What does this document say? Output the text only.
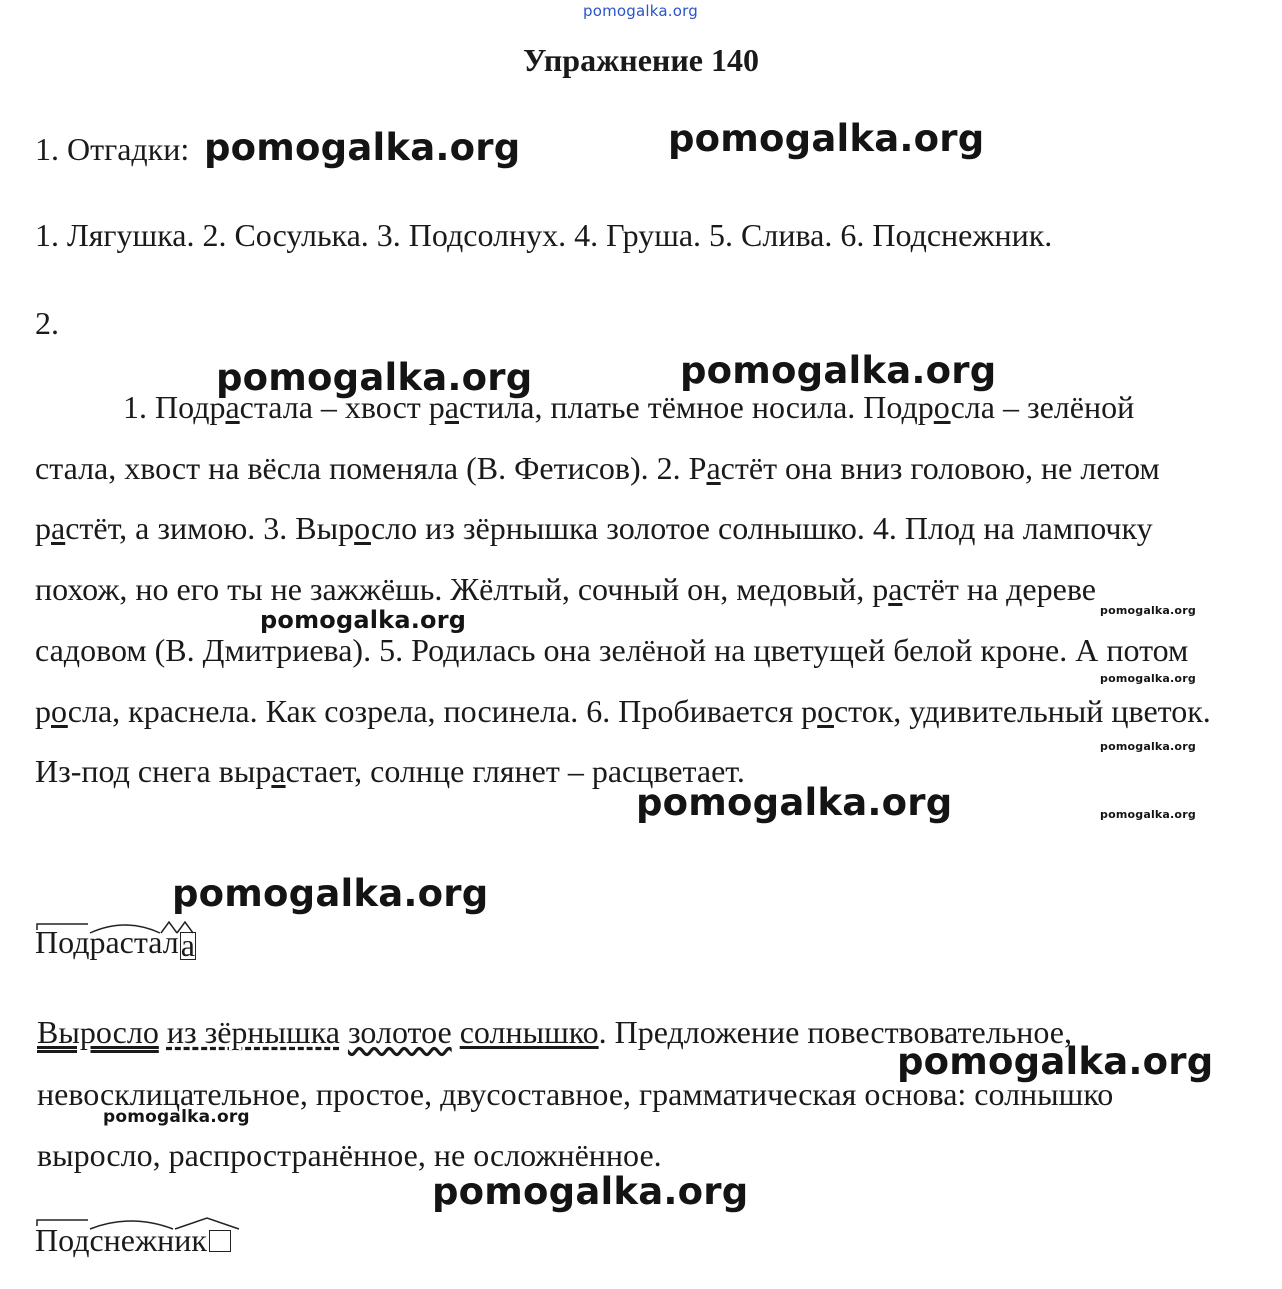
pomogalka.org
Упражнение 140
1. Отгадки: pomogalka.org	pomogalka.org
1. Лягушка. 2. Сосулька. 3. Подсолнух. 4. Груша. 5. Слива. 6. Подснежник.
2.
pomogalka.org	pomogalka.org
1. Подрастала – хвост растила, платье тёмное носила. Подросла – зелёной стала, хвост на вёсла поменяла (В. Фетисов). 2. Растёт она вниз головою, не летом растёт, а зимою. 3. Выросло из зёрнышка золотое солнышко. 4. Плод на лампочку похож, но его ты не зажжёшь. Жёлтый, сочный он, медовый, растёт на дереве садовом (В. Дмитриева). 5. Родилась она зелёной на цветущей белой кроне. А потом росла, краснела. Как созрела, посинела. 6. Пробивается росток, удивительный цветок. Из-под снега вырастает, солнце глянет – расцветает.
pomogalka.org	pomogalka.org
pomogalka.org
pomogalka.org
pomogalka.org
pomogalka.org
pomogalka.org
Подрастала
Выросло из зёрнышка золотое солнышко. Предложение повествовательное, невосклицательное, простое, двусоставное, грамматическая основа: солнышко выросло, распространённое, не осложнённое.
pomogalka.org
pomogalka.org
pomogalka.org
Подснежник
